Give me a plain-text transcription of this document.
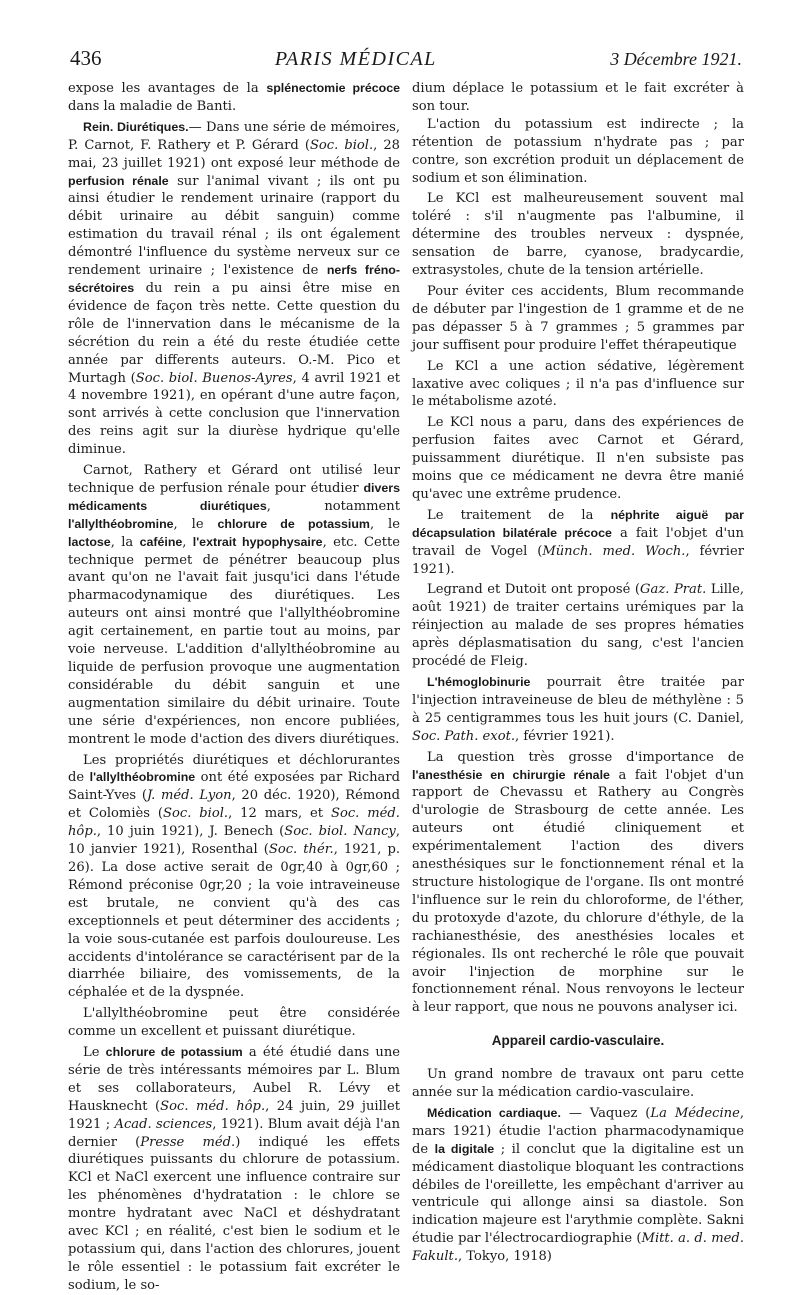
436	PARIS MÉDICAL	3 Décembre 1921.

expose les avantages de la splénectomie précoce dans la maladie de Banti.

Rein. Diurétiques.— Dans une série de mémoires, P. Carnot, F. Rathery et P. Gérard (Soc. biol., 28 mai, 23 juillet 1921) ont exposé leur méthode de perfusion rénale sur l'animal vivant ; ils ont pu ainsi étudier le rendement urinaire (rapport du débit urinaire au débit sanguin) comme estimation du travail rénal ; ils ont également démontré l'influence du système nerveux sur ce rendement urinaire ; l'existence de nerfs fréno-sécrétoires du rein a pu ainsi être mise en évidence de façon très nette. Cette question du rôle de l'innervation dans le mécanisme de la sécrétion du rein a été du reste étudiée cette année par differents auteurs. O.-M. Pico et Murtagh (Soc. biol. Buenos-Ayres, 4 avril 1921 et 4 novembre 1921), en opérant d'une autre façon, sont arrivés à cette conclusion que l'innervation des reins agit sur la diurèse hydrique qu'elle diminue.

Carnot, Rathery et Gérard ont utilisé leur technique de perfusion rénale pour étudier divers médicaments diurétiques, notamment l'allylthéobromine, le chlorure de potassium, le lactose, la caféine, l'extrait hypophysaire, etc. Cette technique permet de pénétrer beaucoup plus avant qu'on ne l'avait fait jusqu'ici dans l'étude pharmacodynamique des diurétiques. Les auteurs ont ainsi montré que l'allylthéobromine agit certainement, en partie tout au moins, par voie nerveuse. L'addition d'allylthéobromine au liquide de perfusion provoque une augmentation considérable du débit sanguin et une augmentation similaire du débit urinaire. Toute une série d'expériences, non encore publiées, montrent le mode d'action des divers diurétiques.

Les propriétés diurétiques et déchlorurantes de l'allylthéobromine ont été exposées par Richard Saint-Yves (J. méd. Lyon, 20 déc. 1920), Rémond et Colomiès (Soc. biol., 12 mars, et Soc. méd. hôp., 10 juin 1921), J. Benech (Soc. biol. Nancy, 10 janvier 1921), Rosenthal (Soc. thér., 1921, p. 26). La dose active serait de 0gr,40 à 0gr,60 ; Rémond préconise 0gr,20 ; la voie intraveineuse est brutale, ne convient qu'à des cas exceptionnels et peut déterminer des accidents ; la voie sous-cutanée est parfois douloureuse. Les accidents d'intolérance se caractérisent par de la diarrhée biliaire, des vomissements, de la céphalée et de la dyspnée.

L'allylthéobromine peut être considérée comme un excellent et puissant diurétique.

Le chlorure de potassium a été étudié dans une série de très intéressants mémoires par L. Blum et ses collaborateurs, Aubel R. Lévy et Hausknecht (Soc. méd. hôp., 24 juin, 29 juillet 1921 ; Acad. sciences, 1921). Blum avait déjà l'an dernier (Presse méd.) indiqué les effets diurétiques puissants du chlorure de potassium. KCl et NaCl exercent une influence contraire sur les phénomènes d'hydratation : le chlore se montre hydratant avec NaCl et déshydratant avec KCl ; en réalité, c'est bien le sodium et le potassium qui, dans l'action des chlorures, jouent le rôle essentiel : le potassium fait excréter le sodium, le so-

dium déplace le potassium et le fait excréter à son tour.

L'action du potassium est indirecte ; la rétention de potassium n'hydrate pas ; par contre, son excrétion produit un déplacement de sodium et son élimination.

Le KCl est malheureusement souvent mal toléré : s'il n'augmente pas l'albumine, il détermine des troubles nerveux : dyspnée, sensation de barre, cyanose, bradycardie, extrasystoles, chute de la tension artérielle.

Pour éviter ces accidents, Blum recommande de débuter par l'ingestion de 1 gramme et de ne pas dépasser 5 à 7 grammes ; 5 grammes par jour suffisent pour produire l'effet thérapeutique

Le KCl a une action sédative, légèrement laxative avec coliques ; il n'a pas d'influence sur le métabolisme azoté.

Le KCl nous a paru, dans des expériences de perfusion faites avec Carnot et Gérard, puissamment diurétique. Il n'en subsiste pas moins que ce médicament ne devra être manié qu'avec une extrême prudence.

Le traitement de la néphrite aiguë par décapsulation bilatérale précoce a fait l'objet d'un travail de Vogel (Münch. med. Woch., février 1921).

Legrand et Dutoit ont proposé (Gaz. Prat. Lille, août 1921) de traiter certains urémiques par la réinjection au malade de ses propres hématies après déplasmatisation du sang, c'est l'ancien procédé de Fleig.

L'hémoglobinurie pourrait être traitée par l'injection intraveineuse de bleu de méthylène : 5 à 25 centigrammes tous les huit jours (C. Daniel, Soc. Path. exot., février 1921).

La question très grosse d'importance de l'anesthésie en chirurgie rénale a fait l'objet d'un rapport de Chevassu et Rathery au Congrès d'urologie de Strasbourg de cette année. Les auteurs ont étudié cliniquement et expérimentalement l'action des divers anesthésiques sur le fonctionnement rénal et la structure histologique de l'organe. Ils ont montré l'influence sur le rein du chloroforme, de l'éther, du protoxyde d'azote, du chlorure d'éthyle, de la rachianesthésie, des anesthésies locales et régionales. Ils ont recherché le rôle que pouvait avoir l'injection de morphine sur le fonctionnement rénal. Nous renvoyons le lecteur à leur rapport, que nous ne pouvons analyser ici.

Appareil cardio-vasculaire.

Un grand nombre de travaux ont paru cette année sur la médication cardio-vasculaire.

Médication cardiaque. — Vaquez (La Médecine, mars 1921) étudie l'action pharmacodynamique de la digitale ; il conclut que la digitaline est un médicament diastolique bloquant les contractions débiles de l'oreillette, les empêchant d'arriver au ventricule qui allonge ainsi sa diastole. Son indication majeure est l'arythmie complète. Sakni étudie par l'électrocardiographie (Mitt. a. d. med. Fakult., Tokyo, 1918)
